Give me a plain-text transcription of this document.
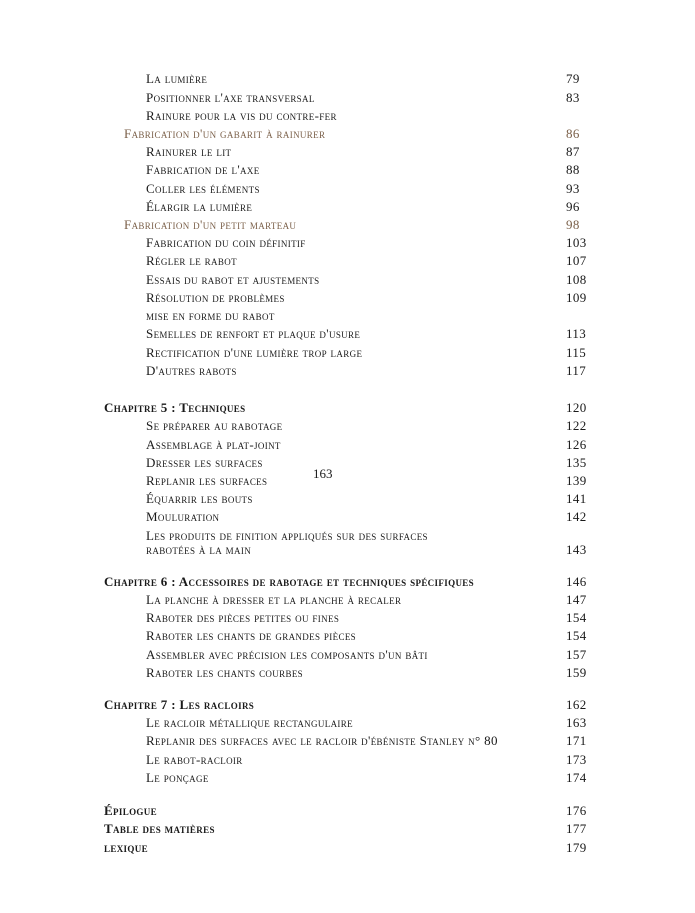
La lumière	79
Positionner l'axe transversal	83
Rainure pour la vis du contre-fer
Fabrication d'un gabarit à rainurer	86
Rainurer le lit	87
Fabrication de l'axe	88
Coller les éléments	93
Élargir la lumière	96
Fabrication d'un petit marteau	98
Fabrication du coin définitif	103
Régler le rabot	107
Essais du rabot et ajustements	108
Résolution de problèmes	109
mise en forme du rabot
Semelles de renfort et plaque d'usure	113
Rectification d'une lumière trop large	115
D'autres rabots	117
Chapitre 5 : Techniques	120
Se préparer au rabotage	122
Assemblage à plat-joint	126
Dresser les surfaces	135
Replanir les surfaces	139
Équarrir les bouts	141
Mouluration	142
Les produits de finition appliqués sur des surfaces
rabotées à la main	143
Chapitre 6 : Accessoires de rabotage et techniques spécifiques	146
La planche à dresser et la planche à recaler	147
Raboter des pièces petites ou fines	154
Raboter les chants de grandes pièces	154
Assembler avec précision les composants d'un bâti	157
Raboter les chants courbes	159
Chapitre 7 : Les racloirs	162
Le racloir métallique rectangulaire	163
Replanir des surfaces avec le racloir d'ébéniste Stanley n° 80	171
Le rabot-racloir	173
Le ponçage	174
Épilogue	176
Table des matières	177
lexique	179
163
